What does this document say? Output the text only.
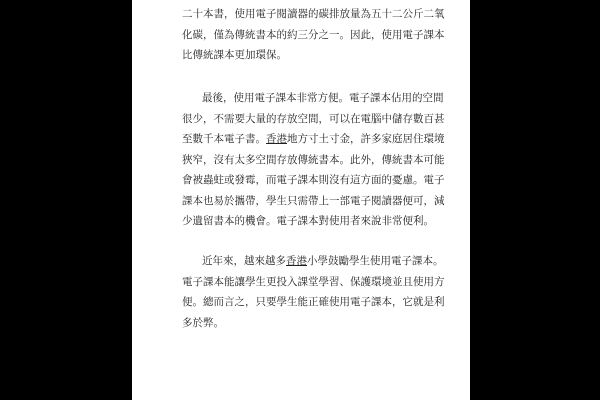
二十本書，使用電子閱讀器的碳排放量為五十二公斤二氧
化碳，僅為傳統書本的約三分之一。因此，使用電子課本
比傳統課本更加環保。
最後，使用電子課本非常方便。電子課本佔用的空間
很少，不需要大量的存放空間，可以在電腦中儲存數百甚
至數千本電子書。香港地方寸土寸金，許多家庭居住環境
狹窄，沒有太多空間存放傳統書本。此外，傳統書本可能
會被蟲蛀或發霉，而電子課本則沒有這方面的憂慮。電子
課本也易於攜帶，學生只需帶上一部電子閱讀器便可，減
少遺留書本的機會。電子課本對使用者來說非常便利。
近年來，越來越多香港小學鼓勵學生使用電子課本。
電子課本能讓學生更投入課堂學習、保護環境並且使用方
便。總而言之，只要學生能正確使用電子課本，它就是利
多於弊。
